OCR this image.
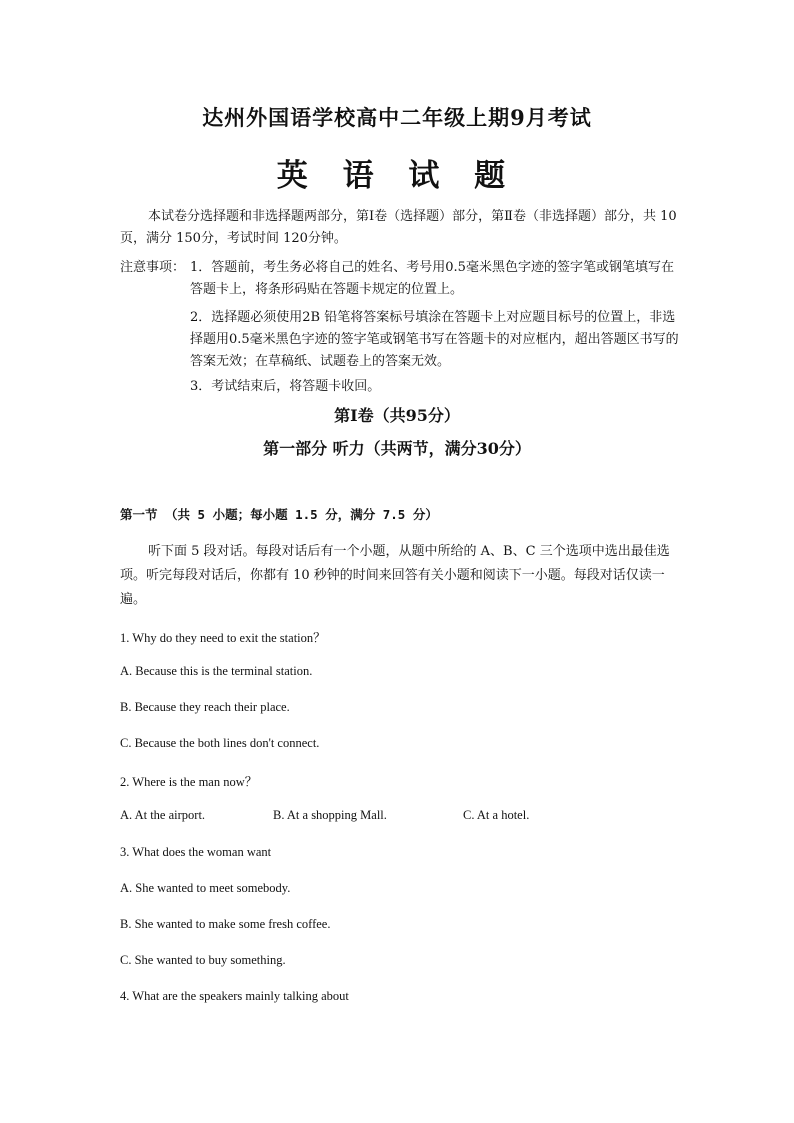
达州外国语学校高中二年级上期9月考试
英 语 试 题
本试卷分选择题和非选择题两部分，第Ⅰ卷（选择题）部分，第Ⅱ卷（非选择题）部分，共 10页，满分 150分，考试时间 120分钟。
注意事项： 1．答题前，考生务必将自己的姓名、考号用0.5毫米黑色字迹的签字笔或钢笔填写在答题卡上，将条形码贴在答题卡规定的位置上。
2．选择题必须使用2B 铅笔将答案标号填涂在答题卡上对应题目标号的位置上，非选择题用0.5毫米黑色字迹的签字笔或钢笔书写在答题卡的对应框内，超出答题区书写的答案无效；在草稿纸、试题卷上的答案无效。
3．考试结束后，将答题卡收回。
第Ⅰ卷（共95分）
第一部分 听力（共两节，满分30分）
第一节 （共 5 小题；每小题 1.5 分，满分 7.5 分）
听下面 5 段对话。每段对话后有一个小题，从题中所给的 A、B、C 三个选项中选出最佳选项。听完每段对话后，你都有 10 秒钟的时间来回答有关小题和阅读下一小题。每段对话仅读一遍。
1. Why do they need to exit the station？
A. Because this is the terminal station.
B. Because they reach their place.
C. Because the both lines don't connect.
2. Where is the man now？
A. At the airport.	B. At a shopping Mall.	C. At a hotel.
3. What does the woman want
A. She wanted to meet somebody.
B. She wanted to make some fresh coffee.
C. She wanted to buy something.
4. What are the speakers mainly talking about
